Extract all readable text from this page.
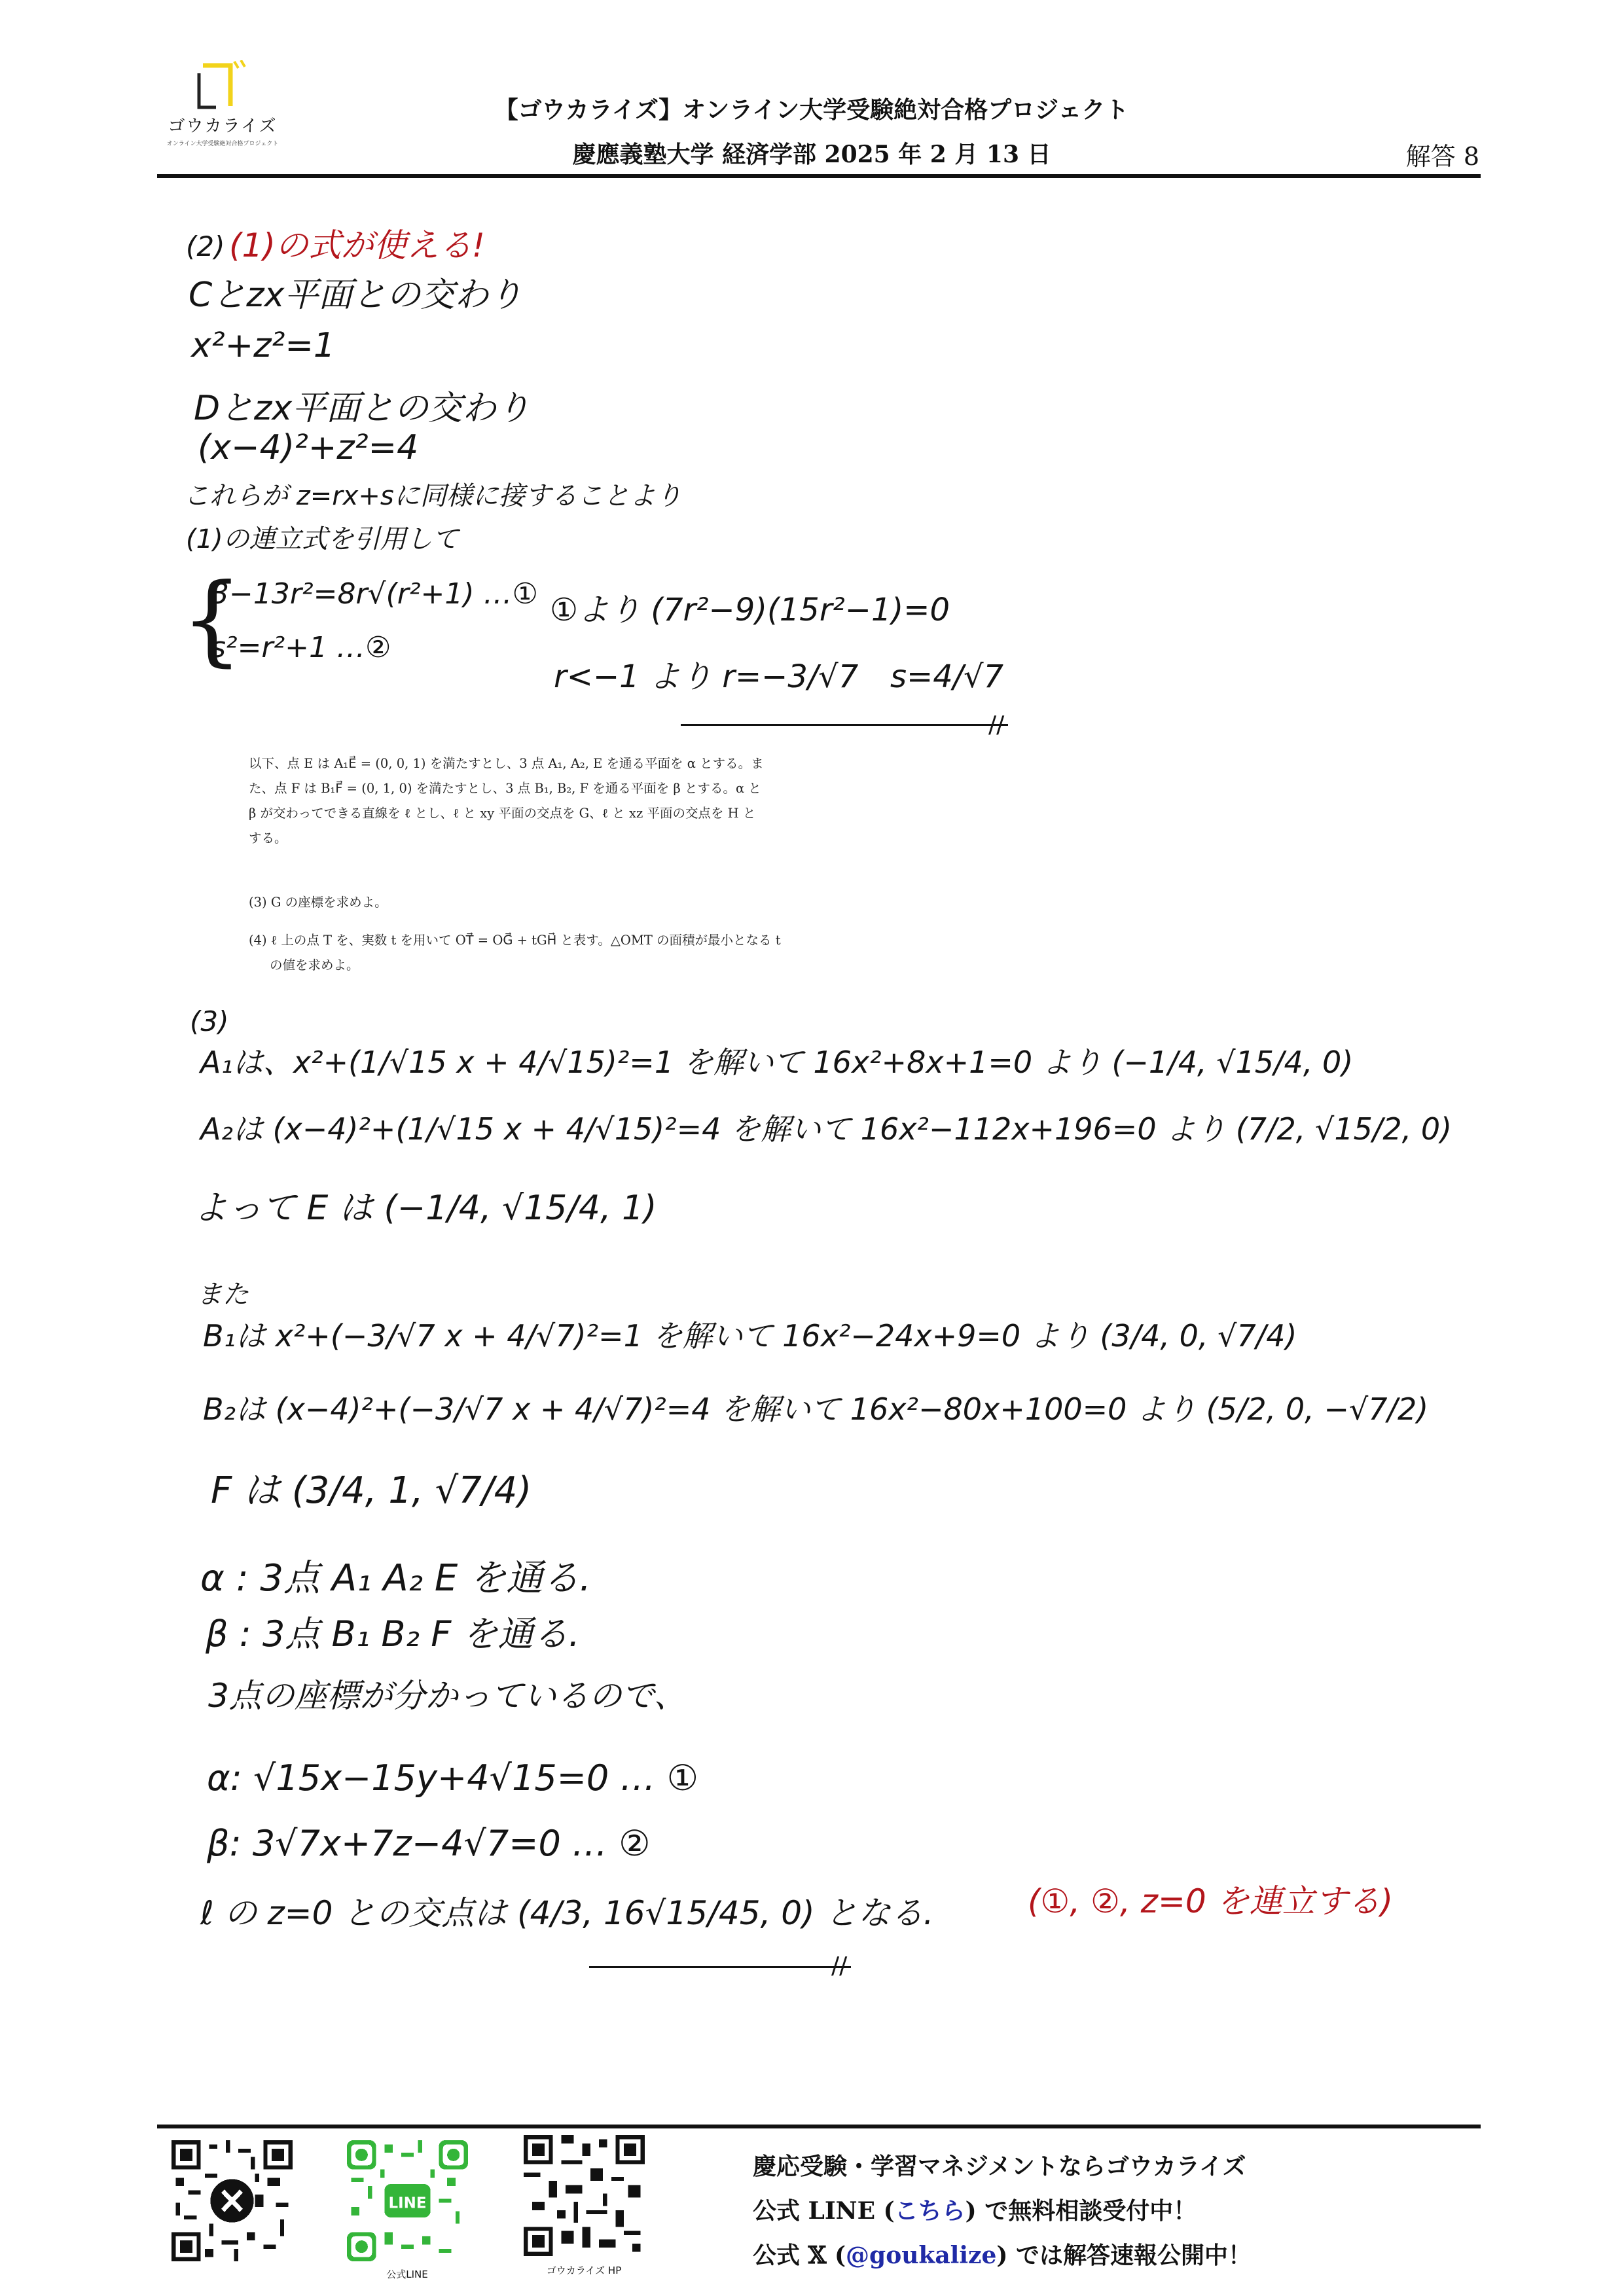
ゴウカライズ
オンライン大学受験絶対合格プロジェクト
【ゴウカライズ】オンライン大学受験絶対合格プロジェクト
慶應義塾大学 経済学部 2025 年 2 月 13 日	解答 8
(2) (1)の式が使える!
Cとzx平面との交わり
x²+z²=1
Dとzx平面との交わり
(x−4)²+z²=4
これらが z=rx+sに同様に接することより
(1)の連立式を引用して
{
3−13r²=8r√(r²+1) …①
s²=r²+1 …②
①より (7r²−9)(15r²−1)=0
r<−1 より r=−3/√7 s=4/√7
//

以下、点 E は A₁E⃗ = (0, 0, 1) を満たすとし、3 点 A₁, A₂, E を通る平面を α とする。ま

た、点 F は B₁F⃗ = (0, 1, 0) を満たすとし、3 点 B₁, B₂, F を通る平面を β とする。α と

β が交わってできる直線を ℓ とし、ℓ と xy 平面の交点を G、ℓ と xz 平面の交点を H と

する。

(3) G の座標を求めよ。
(4) ℓ 上の点 T を、実数 t を用いて OT⃗ = OG⃗ + tGH⃗ と表す。△OMT の面積が最小となる t
の値を求めよ。
(3)
A₁は、x²+(1/√15 x + 4/√15)²=1 を解いて 16x²+8x+1=0 より (−1/4, √15/4, 0)
A₂は (x−4)²+(1/√15 x + 4/√15)²=4 を解いて 16x²−112x+196=0 より (7/2, √15/2, 0)
よって E は (−1/4, √15/4, 1)
また
B₁は x²+(−3/√7 x + 4/√7)²=1 を解いて 16x²−24x+9=0 より (3/4, 0, √7/4)
B₂は (x−4)²+(−3/√7 x + 4/√7)²=4 を解いて 16x²−80x+100=0 より (5/2, 0, −√7/2)
F は (3/4, 1, √7/4)
α : 3点 A₁ A₂ E を通る.
β : 3点 B₁ B₂ F を通る.
3点の座標が分かっているので、
α: √15x−15y+4√15=0 … ①
β: 3√7x+7z−4√7=0 … ②
ℓ の z=0 との交点は (4/3, 16√15/45, 0) となる.	(①, ②, z=0 を連立する)
//
LINE
公式LINE	ゴウカライズ HP
慶応受験・学習マネジメントならゴウカライズ
公式 LINE (こちら) で無料相談受付中！
公式 𝕏 (@goukalize) では解答速報公開中！
